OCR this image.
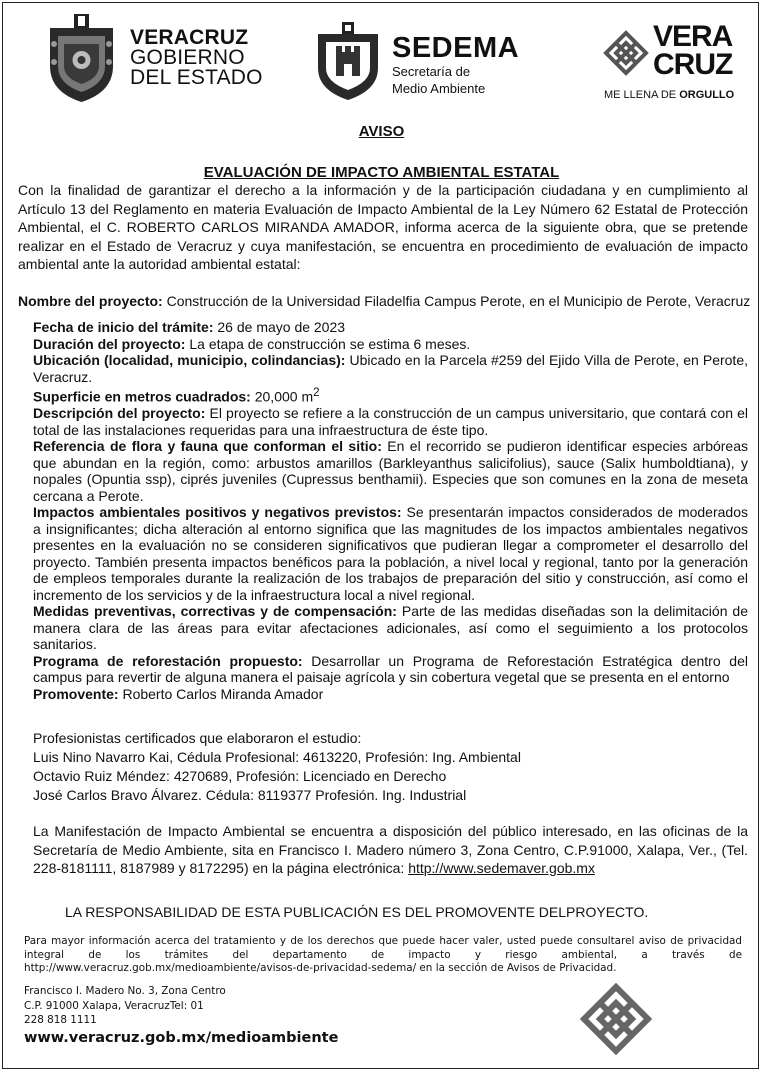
VERACRUZ
GOBIERNO
DEL ESTADO
SEDEMA
Secretaría de
Medio Ambiente
VERA
CRUZ
ME LLENA DE ORGULLO
AVISO
EVALUACIÓN DE IMPACTO AMBIENTAL ESTATAL

Con la finalidad de garantizar el derecho a la información y de la participación ciudadana y en cumplimiento al Artículo 13 del Reglamento en materia Evaluación de Impacto Ambiental de la Ley Número 62 Estatal de Protección Ambiental, el C. ROBERTO CARLOS MIRANDA AMADOR, informa acerca de la siguiente obra, que se pretende realizar en el Estado de Veracruz y cuya manifestación, se encuentra en procedimiento de evaluación de impacto ambiental ante la autoridad ambiental estatal:

Nombre del proyecto: Construcción de la Universidad Filadelfia Campus Perote, en el Municipio de Perote, Veracruz

Fecha de inicio del trámite: 26 de mayo de 2023

Duración del proyecto: La etapa de construcción se estima 6 meses.

Ubicación (localidad, municipio, colindancias): Ubicado en la Parcela #259 del Ejido Villa de Perote, en Perote, Veracruz.

Superficie en metros cuadrados: 20,000 $m^2$

Descripción del proyecto: El proyecto se refiere a la construcción de un campus universitario, que contará con el total de las instalaciones requeridas para una infraestructura de éste tipo.

Referencia de flora y fauna que conforman el sitio: En el recorrido se pudieron identificar especies arbóreas que abundan en la región, como: arbustos amarillos (Barkleyanthus salicifolius), sauce (Salix humboldtiana), y nopales (Opuntia ssp), ciprés juveniles (Cupressus benthamii). Especies que son comunes en la zona de meseta cercana a Perote.

Impactos ambientales positivos y negativos previstos: Se presentarán impactos considerados de moderados a insignificantes; dicha alteración al entorno significa que las magnitudes de los impactos ambientales negativos presentes en la evaluación no se consideren significativos que pudieran llegar a comprometer el desarrollo del proyecto. También presenta impactos benéficos para la población, a nivel local y regional, tanto por la generación de empleos temporales durante la realización de los trabajos de preparación del sitio y construcción, así como el incremento de los servicios y de la infraestructura local a nivel regional.

Medidas preventivas, correctivas y de compensación: Parte de las medidas diseñadas son la delimitación de manera clara de las áreas para evitar afectaciones adicionales, así como el seguimiento a los protocolos sanitarios.

Programa de reforestación propuesto: Desarrollar un Programa de Reforestación Estratégica dentro del campus para revertir de alguna manera el paisaje agrícola y sin cobertura vegetal que se presenta en el entorno

Promovente: Roberto Carlos Miranda Amador

Profesionistas certificados que elaboraron el estudio:
Luis Nino Navarro Kai, Cédula Profesional: 4613220, Profesión: Ing. Ambiental
Octavio Ruiz Méndez: 4270689, Profesión: Licenciado en Derecho
José Carlos Bravo Álvarez. Cédula: 8119377 Profesión. Ing. Industrial
La Manifestación de Impacto Ambiental se encuentra a disposición del público interesado, en las oficinas de la Secretaría de Medio Ambiente, sita en Francisco I. Madero número 3, Zona Centro, C.P.91000, Xalapa, Ver., (Tel. 228-8181111, 8187989 y 8172295) en la página electrónica: http://www.sedemaver.gob.mx
LA RESPONSABILIDAD DE ESTA PUBLICACIÓN ES DEL PROMOVENTE DELPROYECTO.
Para mayor información acerca del tratamiento y de los derechos que puede hacer valer, usted puede consultarel aviso de privacidad integral de los trámites del departamento de impacto y riesgo ambiental, a través de http://www.veracruz.gob.mx/medioambiente/avisos-de-privacidad-sedema/ en la sección de Avisos de Privacidad.
Francisco I. Madero No. 3, Zona Centro
C.P. 91000 Xalapa, VeracruzTel: 01
228 818 1111
www.veracruz.gob.mx/medioambiente
